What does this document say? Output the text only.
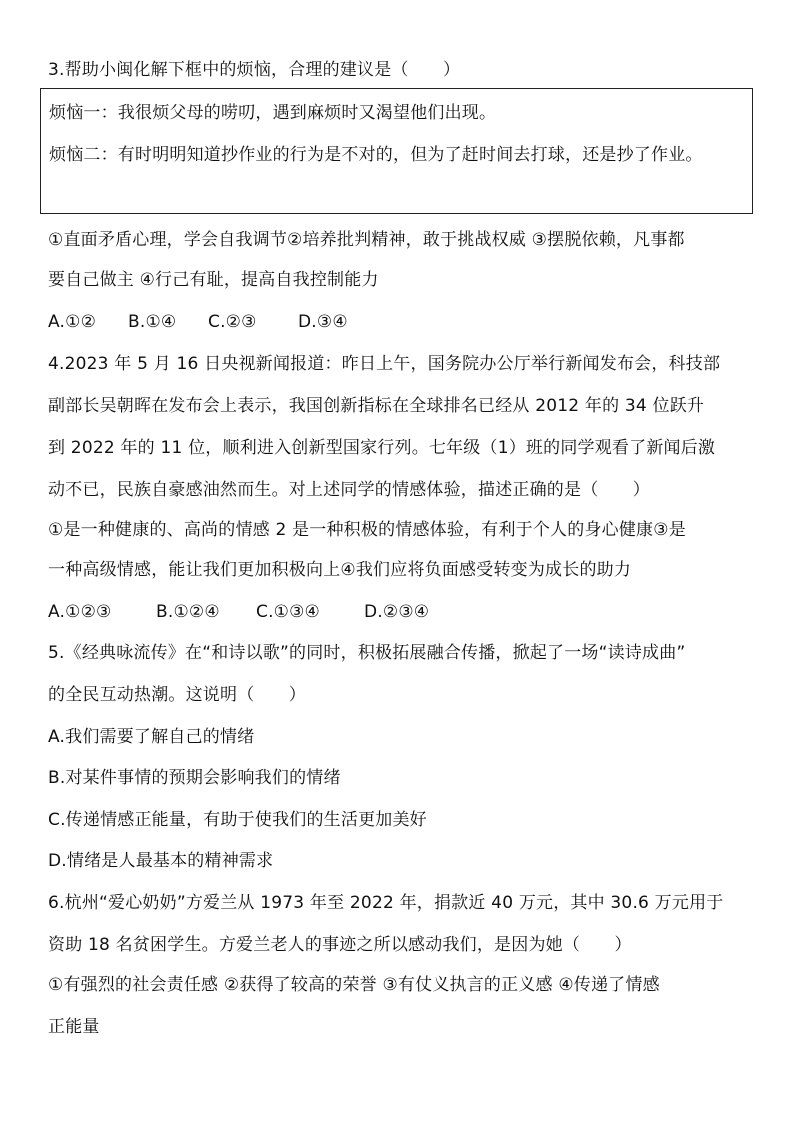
3.帮助小闽化解下框中的烦恼，合理的建议是（　　）
烦恼一：我很烦父母的唠叨，遇到麻烦时又渴望他们出现。
烦恼二：有时明明知道抄作业的行为是不对的，但为了赶时间去打球，还是抄了作业。
①直面矛盾心理，学会自我调节②培养批判精神，敢于挑战权威 ③摆脱依赖，凡事都
要自己做主 ④行己有耻，提高自我控制能力
A.①② B.①④ C.②③ D.③④
4.2023 年 5 月 16 日央视新闻报道：昨日上午，国务院办公厅举行新闻发布会，科技部
副部长吴朝晖在发布会上表示，我国创新指标在全球排名已经从 2012 年的 34 位跃升
到 2022 年的 11 位，顺利进入创新型国家行列。七年级（1）班的同学观看了新闻后激
动不已，民族自豪感油然而生。对上述同学的情感体验，描述正确的是（　　）
①是一种健康的、高尚的情感 2 是一种积极的情感体验，有利于个人的身心健康③是
一种高级情感，能让我们更加积极向上④我们应将负面感受转变为成长的助力
A.①②③	B.①②④ C.①③④	D.②③④
5.《经典咏流传》在“和诗以歌”的同时，积极拓展融合传播，掀起了一场“读诗成曲”
的全民互动热潮。这说明（　　）
A.我们需要了解自己的情绪
B.对某件事情的预期会影响我们的情绪
C.传递情感正能量，有助于使我们的生活更加美好
D.情绪是人最基本的精神需求
6.杭州“爱心奶奶”方爱兰从 1973 年至 2022 年，捐款近 40 万元，其中 30.6 万元用于
资助 18 名贫困学生。方爱兰老人的事迹之所以感动我们，是因为她（　　）
①有强烈的社会责任感 ②获得了较高的荣誉 ③有仗义执言的正义感 ④传递了情感
正能量
